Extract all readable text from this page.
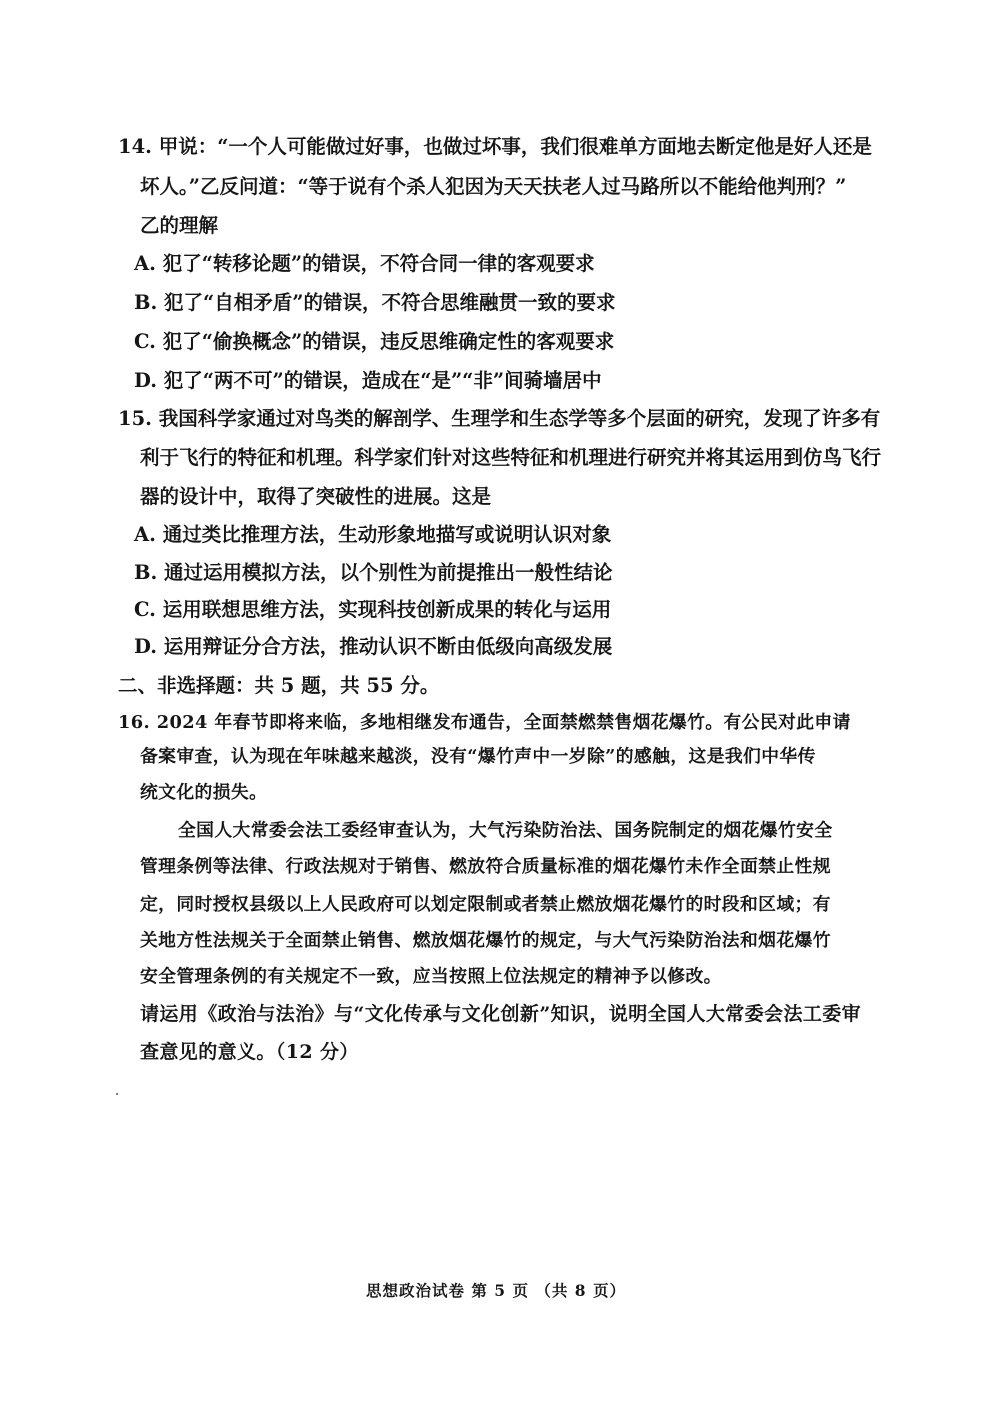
14. 甲说：“一个人可能做过好事，也做过坏事，我们很难单方面地去断定他是好人还是
坏人。”乙反问道：“等于说有个杀人犯因为天天扶老人过马路所以不能给他判刑？”
乙的理解
A. 犯了“转移论题”的错误，不符合同一律的客观要求
B. 犯了“自相矛盾”的错误，不符合思维融贯一致的要求
C. 犯了“偷换概念”的错误，违反思维确定性的客观要求
D. 犯了“两不可”的错误，造成在“是”“非”间骑墙居中
15. 我国科学家通过对鸟类的解剖学、生理学和生态学等多个层面的研究，发现了许多有
利于飞行的特征和机理。科学家们针对这些特征和机理进行研究并将其运用到仿鸟飞行
器的设计中，取得了突破性的进展。这是
A. 通过类比推理方法，生动形象地描写或说明认识对象
B. 通过运用模拟方法，以个别性为前提推出一般性结论
C. 运用联想思维方法，实现科技创新成果的转化与运用
D. 运用辩证分合方法，推动认识不断由低级向高级发展
二、非选择题：共 5 题，共 55 分。
16. 2024 年春节即将来临，多地相继发布通告，全面禁燃禁售烟花爆竹。有公民对此申请
备案审查，认为现在年味越来越淡，没有“爆竹声中一岁除”的感触，这是我们中华传
统文化的损失。
全国人大常委会法工委经审查认为，大气污染防治法、国务院制定的烟花爆竹安全
管理条例等法律、行政法规对于销售、燃放符合质量标准的烟花爆竹未作全面禁止性规
定，同时授权县级以上人民政府可以划定限制或者禁止燃放烟花爆竹的时段和区域；有
关地方性法规关于全面禁止销售、燃放烟花爆竹的规定，与大气污染防治法和烟花爆竹
安全管理条例的有关规定不一致，应当按照上位法规定的精神予以修改。
请运用《政治与法治》与“文化传承与文化创新”知识，说明全国人大常委会法工委审
查意见的意义。（12 分）
思想政治试卷 第 5 页 （共 8 页）
